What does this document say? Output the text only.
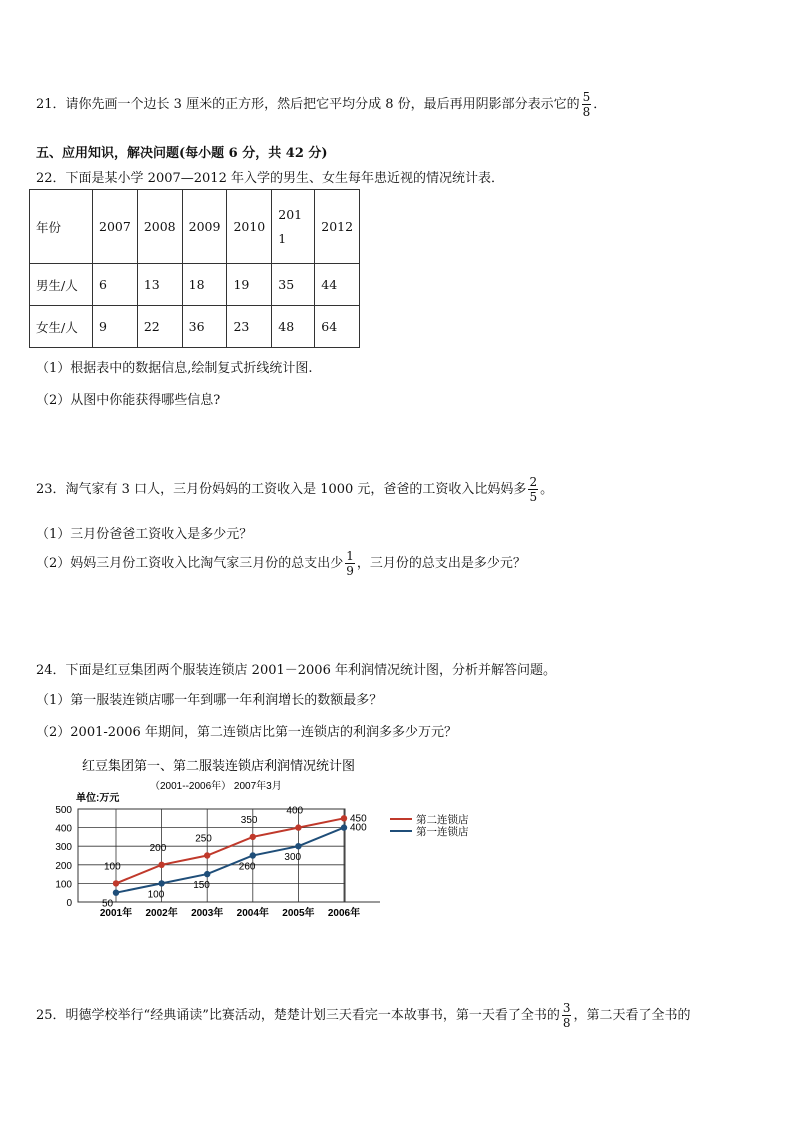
21．请你先画一个边长 3 厘米的正方形，然后把它平均分成 8 份，最后再用阴影部分表示它的 $\frac{5}{8}$ ．
五、应用知识，解决问题(每小题 6 分，共 42 分)
22．下面是某小学 2007—2012 年入学的男生、女生每年患近视的情况统计表．
年份	2007	2008	2009	2010	2011	2012
男生/人	6	13	18	19	35	44
女生/人	9	22	36	23	48	64
（1）根据表中的数据信息,绘制复式折线统计图.
（2）从图中你能获得哪些信息?
23．淘气家有 3 口人，三月份妈妈的工资收入是 1000 元，爸爸的工资收入比妈妈多 $\frac{2}{5}$ 。
（1）三月份爸爸工资收入是多少元？
（2）妈妈三月份工资收入比淘气家三月份的总支出少 $\frac{1}{9}$ ，三月份的总支出是多少元？
24．下面是红豆集团两个服装连锁店 2001－2006 年利润情况统计图，分析并解答问题。
（1）第一服装连锁店哪一年到哪一年利润增长的数额最多？
（2）2001-2006 年期间，第二连锁店比第一连锁店的利润多多少万元？
红豆集团第一、第二服装连锁店利润情况统计图
（2001--2006年） 2007年3月
单位:万元
0
100
200
300
400
500
2001年 2002年 2003年 2004年 2005年 2006年
100
200
250
350
400
450
50
100
150
260
300
400
第二连锁店
第一连锁店
25．明德学校举行“经典诵读”比赛活动，楚楚计划三天看完一本故事书，第一天看了全书的 $\frac{3}{8}$ ，第二天看了全书的
